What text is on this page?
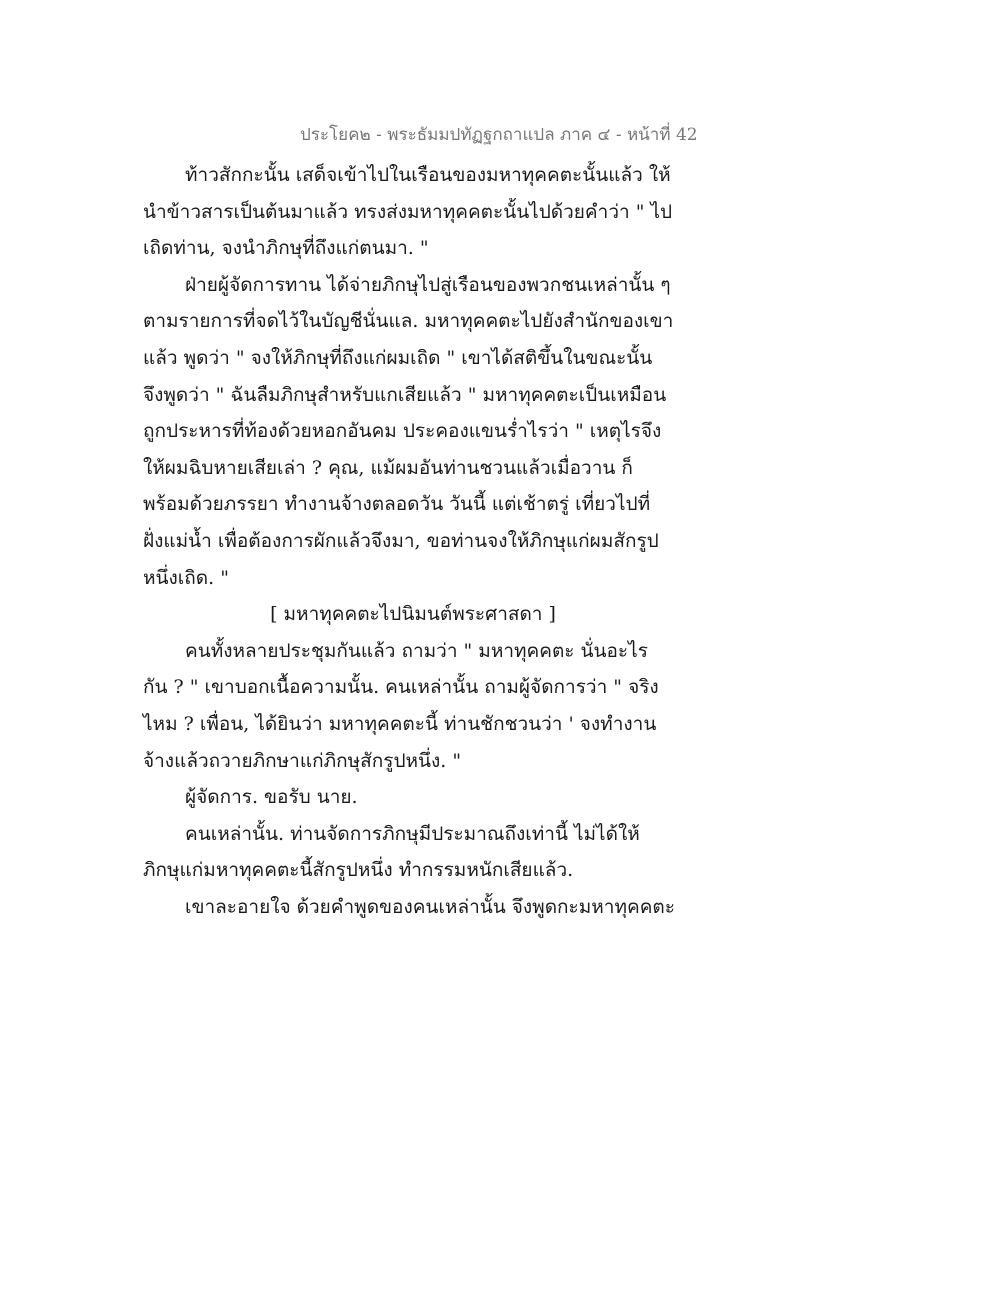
ประโยค๒ - พระธัมมปทัฏฐกถาแปล ภาค ๔ - หน้าที่ 42
ท้าวสักกะนั้น เสด็จเข้าไปในเรือนของมหาทุคคตะนั้นแล้ว ให้
นำข้าวสารเป็นต้นมาแล้ว ทรงส่งมหาทุคคตะนั้นไปด้วยคำว่า " ไป
เถิดท่าน, จงนำภิกษุที่ถึงแก่ตนมา. "
ฝ่ายผู้จัดการทาน ได้จ่ายภิกษุไปสู่เรือนของพวกชนเหล่านั้น ๆ
ตามรายการที่จดไว้ในบัญชีนั่นแล. มหาทุคคตะไปยังสำนักของเขา
แล้ว พูดว่า " จงให้ภิกษุที่ถึงแก่ผมเถิด " เขาได้สติขึ้นในขณะนั้น
จึงพูดว่า " ฉันลืมภิกษุสำหรับแกเสียแล้ว " มหาทุคคตะเป็นเหมือน
ถูกประหารที่ท้องด้วยหอกอันคม ประคองแขนร่ำไรว่า " เหตุไรจึง
ให้ผมฉิบหายเสียเล่า ? คุณ, แม้ผมอันท่านชวนแล้วเมื่อวาน ก็
พร้อมด้วยภรรยา ทำงานจ้างตลอดวัน วันนี้ แต่เช้าตรู่ เที่ยวไปที่
ฝั่งแม่น้ำ เพื่อต้องการผักแล้วจึงมา, ขอท่านจงให้ภิกษุแก่ผมสักรูป
หนึ่งเถิด. "
[ มหาทุคคตะไปนิมนต์พระศาสดา ]
คนทั้งหลายประชุมกันแล้ว ถามว่า " มหาทุคคตะ นั่นอะไร
กัน ? " เขาบอกเนื้อความนั้น. คนเหล่านั้น ถามผู้จัดการว่า " จริง
ไหม ? เพื่อน, ได้ยินว่า มหาทุคคตะนี้ ท่านชักชวนว่า ' จงทำงาน
จ้างแล้วถวายภิกษาแก่ภิกษุสักรูปหนึ่ง. "
ผู้จัดการ. ขอรับ นาย.
คนเหล่านั้น. ท่านจัดการภิกษุมีประมาณถึงเท่านี้ ไม่ได้ให้
ภิกษุแก่มหาทุคคตะนี้สักรูปหนึ่ง ทำกรรมหนักเสียแล้ว.
เขาละอายใจ ด้วยคำพูดของคนเหล่านั้น จึงพูดกะมหาทุคคตะ
